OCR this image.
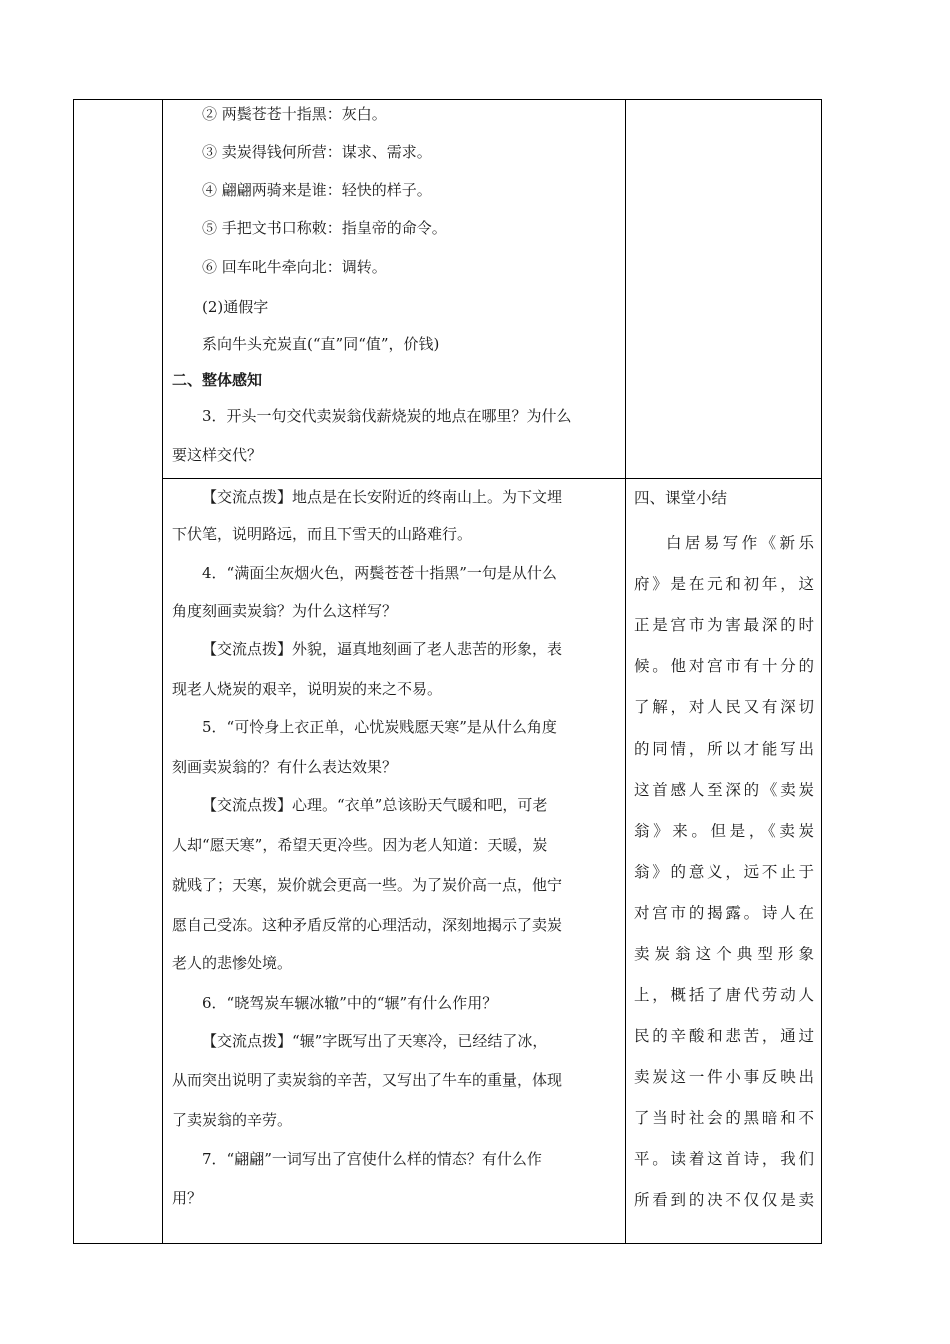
② 两鬓苍苍十指黑：灰白。
③ 卖炭得钱何所营：谋求、需求。
④ 翩翩两骑来是谁：轻快的样子。
⑤ 手把文书口称敕：指皇帝的命令。
⑥ 回车叱牛牵向北：调转。
(2)通假字
系向牛头充炭直(“直”同“值”，价钱)
二、整体感知
3．开头一句交代卖炭翁伐薪烧炭的地点在哪里？为什么
要这样交代？
【交流点拨】地点是在长安附近的终南山上。为下文埋
下伏笔，说明路远，而且下雪天的山路难行。
4．“满面尘灰烟火色，两鬓苍苍十指黑”一句是从什么
角度刻画卖炭翁？为什么这样写？
【交流点拨】外貌，逼真地刻画了老人悲苦的形象，表
现老人烧炭的艰辛，说明炭的来之不易。
5．“可怜身上衣正单，心忧炭贱愿天寒”是从什么角度
刻画卖炭翁的？有什么表达效果？
【交流点拨】心理。“衣单”总该盼天气暖和吧，可老
人却“愿天寒”，希望天更冷些。因为老人知道：天暖，炭
就贱了；天寒，炭价就会更高一些。为了炭价高一点，他宁
愿自己受冻。这种矛盾反常的心理活动，深刻地揭示了卖炭
老人的悲惨处境。
6．“晓驾炭车辗冰辙”中的“辗”有什么作用？
【交流点拨】“辗”字既写出了天寒冷，已经结了冰，
从而突出说明了卖炭翁的辛苦，又写出了牛车的重量，体现
了卖炭翁的辛劳。
7．“翩翩”一词写出了宫使什么样的情态？有什么作
用？
四、课堂小结
白居易写作《新乐
府》是在元和初年，这
正是宫市为害最深的时
候。他对宫市有十分的
了解，对人民又有深切
的同情，所以才能写出
这首感人至深的《卖炭
翁》来。但是，《卖炭
翁》的意义，远不止于
对宫市的揭露。诗人在
卖炭翁这个典型形象
上，概括了唐代劳动人
民的辛酸和悲苦，通过
卖炭这一件小事反映出
了当时社会的黑暗和不
平。读着这首诗，我们
所看到的决不仅仅是卖
